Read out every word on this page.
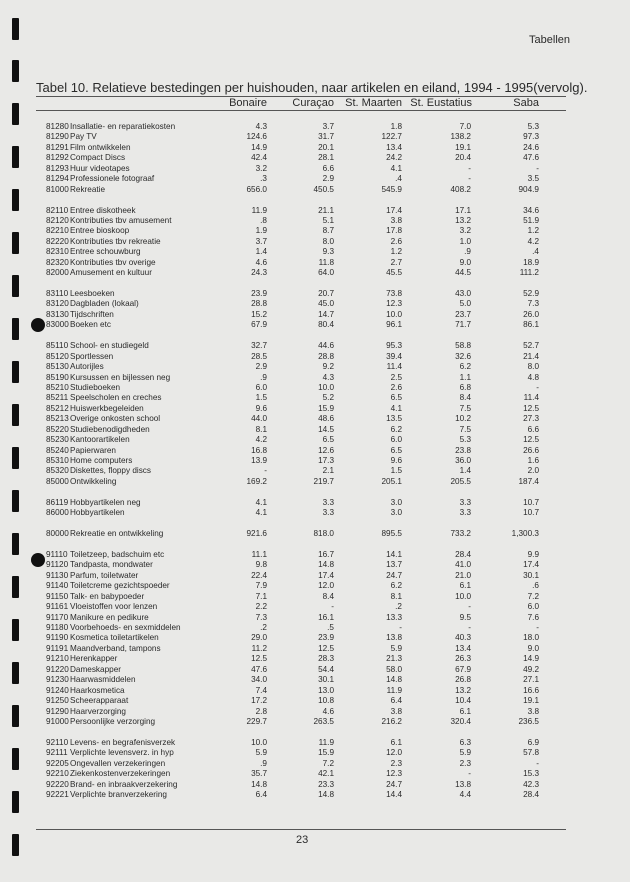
Tabellen
Tabel 10. Relatieve bestedingen per huishouden, naar artikelen en eiland, 1994 - 1995(vervolg).
Bonaire	Curaçao	St. Maarten St. Eustatius	Saba
81280 Insallatie- en reparatiekosten	4.3	3.7	1.8	7.0	5.3
81290 Pay TV	124.6	31.7	122.7	138.2	97.3
81291 Film ontwikkelen	14.9	20.1	13.4	19.1	24.6
81292 Compact Discs	42.4	28.1	24.2	20.4	47.6
81293 Huur videotapes	3.2	6.6	4.1	-	-
81294 Professionele fotograaf	.3	2.9	.4	-	3.5
81000 Rekreatie	656.0	450.5	545.9	408.2	904.9
82110 Entree diskotheek	11.9	21.1	17.4	17.1	34.6
82120 Kontributies tbv amusement	.8	5.1	3.8	13.2	51.9
82210 Entree bioskoop	1.9	8.7	17.8	3.2	1.2
82220 Kontributies tbv rekreatie	3.7	8.0	2.6	1.0	4.2
82310 Entree schouwburg	1.4	9.3	1.2	.9	.4
82320 Kontributies tbv overige	4.6	11.8	2.7	9.0	18.9
82000 Amusement en kultuur	24.3	64.0	45.5	44.5	111.2
83110 Leesboeken	23.9	20.7	73.8	43.0	52.9
83120 Dagbladen (lokaal)	28.8	45.0	12.3	5.0	7.3
83130 Tijdschriften	15.2	14.7	10.0	23.7	26.0
83000 Boeken etc	67.9	80.4	96.1	71.7	86.1
85110 School- en studiegeld	32.7	44.6	95.3	58.8	52.7
85120 Sportlessen	28.5	28.8	39.4	32.6	21.4
85130 Autorijles	2.9	9.2	11.4	6.2	8.0
85190 Kursussen en bijlessen neg	.9	4.3	2.5	1.1	4.8
85210 Studieboeken	6.0	10.0	2.6	6.8	-
85211 Speelscholen en creches	1.5	5.2	6.5	8.4	11.4
85212 Huiswerkbegeleiden	9.6	15.9	4.1	7.5	12.5
85213 Overige onkosten school	44.0	48.6	13.5	10.2	27.3
85220 Studiebenodigdheden	8.1	14.5	6.2	7.5	6.6
85230 Kantoorartikelen	4.2	6.5	6.0	5.3	12.5
85240 Papierwaren	16.8	12.6	6.5	23.8	26.6
85310 Home computers	13.9	17.3	9.6	36.0	1.6
85320 Diskettes, floppy discs	-	2.1	1.5	1.4	2.0
85000 Ontwikkeling	169.2	219.7	205.1	205.5	187.4
86119 Hobbyartikelen neg	4.1	3.3	3.0	3.3	10.7
86000 Hobbyartikelen	4.1	3.3	3.0	3.3	10.7
80000 Rekreatie en ontwikkeling	921.6	818.0	895.5	733.2	1,300.3
91110 Toiletzeep, badschuim etc	11.1	16.7	14.1	28.4	9.9
91120 Tandpasta, mondwater	9.8	14.8	13.7	41.0	17.4
91130 Parfum, toiletwater	22.4	17.4	24.7	21.0	30.1
91140 Toiletcreme gezichtspoeder	7.9	12.0	6.2	6.1	.6
91150 Talk- en babypoeder	7.1	8.4	8.1	10.0	7.2
91161 Vloeistoffen voor lenzen	2.2	-	.2	-	6.0
91170 Manikure en pedikure	7.3	16.1	13.3	9.5	7.6
91180 Voorbehoeds- en sexmiddelen	.2	.5	-	-	-
91190 Kosmetica toiletartikelen	29.0	23.9	13.8	40.3	18.0
91191 Maandverband, tampons	11.2	12.5	5.9	13.4	9.0
91210 Herenkapper	12.5	28.3	21.3	26.3	14.9
91220 Dameskapper	47.6	54.4	58.0	67.9	49.2
91230 Haarwasmiddelen	34.0	30.1	14.8	26.8	27.1
91240 Haarkosmetica	7.4	13.0	11.9	13.2	16.6
91250 Scheerapparaat	17.2	10.8	6.4	10.4	19.1
91290 Haarverzorging	2.8	4.6	3.8	6.1	3.8
91000 Persoonlijke verzorging	229.7	263.5	216.2	320.4	236.5
92110 Levens- en begrafenisverzek	10.0	11.9	6.1	6.3	6.9
92111 Verplichte levensverz. in hyp	5.9	15.9	12.0	5.9	57.8
92205 Ongevallen verzekeringen	.9	7.2	2.3	2.3	-
92210 Ziekenkostenverzekeringen	35.7	42.1	12.3	-	15.3
92220 Brand- en inbraakverzekering	14.8	23.3	24.7	13.8	42.3
92221 Verplichte branverzekering	6.4	14.8	14.4	4.4	28.4
23
